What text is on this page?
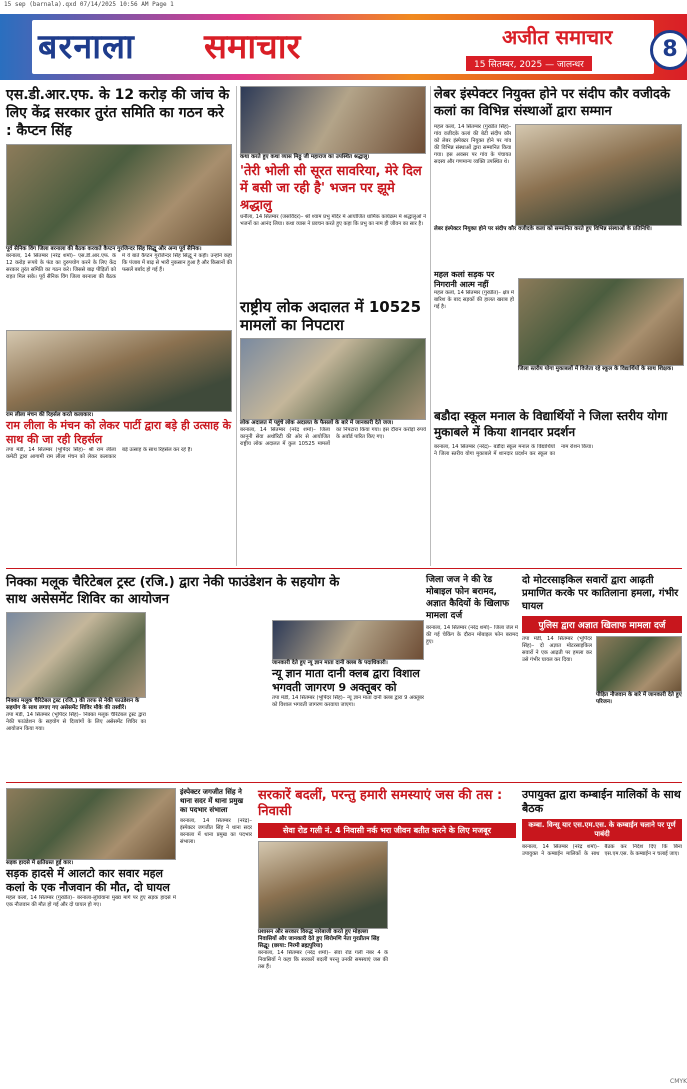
15 sep (barnala).qxd 07/14/2025 10:56 AM Page 1
बरनाला समाचार	अजीत समाचार
15 सितम्बर, 2025 — जालन्धर
8
एस.डी.आर.एफ. के 12 करोड़ की जांच के लिए केंद्र सरकार तुरंत समिति का गठन करे : कैप्टन सिंह
पूर्व सैनिक विंग जिला बरनाला की बैठक करवाते कैप्टन गुरजिन्दर सिंह सिद्धू और अन्य पूर्व सैनिक।
बरनाला, 14 सितम्बर (नरेंद्र शर्मा)– एस.डी.आर.एफ. के 12 करोड़ रूपये के फंड का दुरुपयोग करने के लिए केंद्र सरकार तुरंत समिति का गठन करे। जिससे बाढ़ पीड़ितों को राहत मिल सके। पूर्व सैनिक विंग जिला बरनाला की बैठक में ये बातें कैप्टन गुरजिन्दर सिंह सिद्धू ने कही। उन्होंने कहा कि पंजाब में बाढ़ से भारी नुकसान हुआ है और किसानों की फसलें बर्बाद हो गई हैं।
राम लीला मंचन की रिहर्सल करते कलाकार।
राम लीला के मंचन को लेकर पार्टी द्वारा बड़े ही उत्साह के साथ की जा रही रिहर्सल
तपा मंडी, 14 सितम्बर (भूपिंदर सिंह)– श्री राम लीला कमेटी द्वारा आगामी राम लीला मंचन को लेकर कलाकार बड़े उत्साह के साथ रिहर्सल कर रहे हैं।
कथा करते हुए कथा व्यास मिठ्ठू जी महाराज का उपस्थित श्रद्धालु।
'तेरी भोली सी सूरत सावरिया, मेरे दिल में बसी जा रही है' भजन पर झूमे श्रद्धालु
धनौला, 14 सितम्बर (जसविंदर)– श्री श्याम प्रभु मंदिर में आयोजित धार्मिक कार्यक्रम में श्रद्धालुओं ने भजनों का आनंद लिया। कथा व्यास ने प्रवचन करते हुए कहा कि प्रभु का नाम ही जीवन का सार है।
राष्ट्रीय लोक अदालत में 10525 मामलों का निपटारा
लोक अदालत में पहुंचे लोक अदालत के फैसलों के बारे में जानकारी देते जज।
बरनाला, 14 सितम्बर (नरेंद्र शर्मा)– जिला कानूनी सेवा अथॉरिटी की ओर से आयोजित राष्ट्रीय लोक अदालत में कुल 10525 मामलों का निपटारा किया गया। इस दौरान करोड़ों रुपये के अवॉर्ड पारित किए गए।
लेबर इंस्पेक्टर नियुक्त होने पर संदीप कौर वजीदके कलां का विभिन्न संस्थाओं द्वारा सम्मान
महल कलां, 14 सितम्बर (गुरप्रीत सिंह)– गांव वजीदके कलां की बेटी संदीप कौर को लेबर इंस्पेक्टर नियुक्त होने पर गांव की विभिन्न संस्थाओं द्वारा सम्मानित किया गया। इस अवसर पर गांव के पंचायत सदस्य और गणमान्य व्यक्ति उपस्थित थे।
लेबर इंस्पेक्टर नियुक्त होने पर संदीप कौर वजीदके कलां को सम्मानित करते हुए विभिन्न संस्थाओं के प्रतिनिधि।
महल कलां सड़क पर निगरानी आत्म नहीं
महल कलां, 14 सितम्बर (गुरप्रीत)– क्षेत्र में बारिश के बाद सड़कों की हालत खराब हो गई है।
जिला स्तरीय योगा मुकाबलों में विजेता रहे स्कूल के विद्यार्थियों के साथ शिक्षक।
बडौदा स्कूल मनाल के विद्यार्थियों ने जिला स्तरीय योगा मुकाबले में किया शानदार प्रदर्शन
बरनाला, 14 सितम्बर (नरेंद्र)– बडौदा स्कूल मनाल के विद्यार्थियों ने जिला स्तरीय योगा मुकाबले में शानदार प्रदर्शन कर स्कूल का नाम रोशन किया।
निक्का मलूक चैरिटेबल ट्रस्ट (रजि.) द्वारा नेकी फाउंडेशन के सहयोग के साथ असेसमेंट शिविर का आयोजन
निक्का मलूक चैरिटेबल ट्रस्ट (रजि.) की तरफ से नेकी फाउंडेशन के सहयोग के साथ लगाए गए असेसमेंट शिविर मौके की तस्वीरें।
तपा मंडी, 14 सितम्बर (भूपिंदर सिंह)– निक्का मलूक चैरिटेबल ट्रस्ट द्वारा नेकी फाउंडेशन के सहयोग से दिव्यांगों के लिए असेसमेंट शिविर का आयोजन किया गया।
जिला जज ने की रेड मोबाइल फोन बरामद, अज्ञात कैदियों के खिलाफ मामला दर्ज
बरनाला, 14 सितम्बर (नरेंद्र शर्मा)– जिला जेल में की गई चेकिंग के दौरान मोबाइल फोन बरामद हुए।
जानकारी देते हुए न्यू ज्ञान माता दानी क्लब के पदाधिकारी।
न्यू ज्ञान माता दानी क्लब द्वारा विशाल भगवती जागरण 9 अक्तूबर को
तपा मंडी, 14 सितम्बर (भूपिंदर सिंह)– न्यू ज्ञान माता दानी क्लब द्वारा 9 अक्तूबर को विशाल भगवती जागरण करवाया जाएगा।
दो मोटरसाइकिल सवारों द्वारा आढ़ती प्रमाणित करके पर कातिलाना हमला, गंभीर घायल
पुलिस द्वारा अज्ञात खिलाफ मामला दर्ज
तपा मंडी, 14 सितम्बर (भूपिंदर सिंह)– दो अज्ञात मोटरसाइकिल सवारों ने एक आढ़ती पर हमला कर उसे गंभीर घायल कर दिया।
पीड़ित नौजवान के बारे में जानकारी देते हुए परिजन।
सड़क हादसे में क्षतिग्रस्त हुई कार।
सड़क हादसे में आलटो कार सवार महल कलां के एक नौजवान की मौत, दो घायल
महल कलां, 14 सितम्बर (गुरप्रीत)– बरनाला-लुधियाना मुख्य मार्ग पर हुए सड़क हादसे में एक नौजवान की मौत हो गई और दो घायल हो गए।
इंस्पेक्टर जगजीत सिंह ने थाना सदर में थाना प्रमुख का पदभार संभाला
बरनाला, 14 सितम्बर (नरेंद्र)– इंस्पेक्टर जगजीत सिंह ने थाना सदर बरनाला में थाना प्रमुख का पदभार संभाला।
सरकारें बदलीं, परन्तु हमारी समस्याएं जस की तस : निवासी
सेवा रोड गली नं. 4 निवासी नर्क भरा जीवन बतीत करने के लिए मजबूर
प्रशासन और सरकार विरुद्ध नारेबाजी करते हुए मोहल्ला निवासियों और जानकारी देते हुए शिरोमणि नेता गुरप्रीतम सिंह सिद्धू। (छाया: निरमी ब्रह्मपुरिया)
बरनाला, 14 सितम्बर (नरेंद्र शर्मा)– सेवा रोड गली नंबर 4 के निवासियों ने कहा कि सरकारें बदलीं परन्तु उनकी समस्याएं जस की तस हैं।
उपायुक्त द्वारा कम्बाईन मालिकों के साथ बैठक
कम्बा. विन्सू यार एस.एम.एस. के कम्बाईन चलाने पर पूर्ण पाबंदी
बरनाला, 14 सितम्बर (नरेंद्र शर्मा)– उपायुक्त ने कम्बाईन मालिकों के साथ बैठक कर निर्देश दिए कि बिना एस.एम.एस. के कम्बाईन न चलाई जाए।
CMYK
